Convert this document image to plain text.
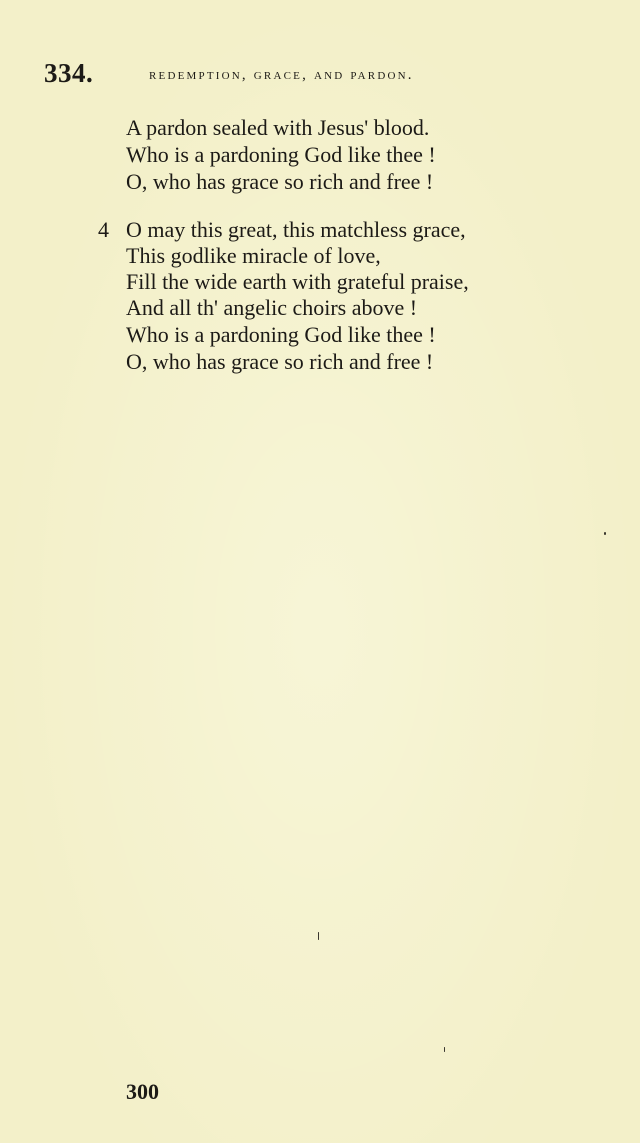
334.	redemption, grace, and pardon.
A pardon sealed with Jesus' blood.
Who is a pardoning God like thee !
O, who has grace so rich and free !
4 O may this great, this matchless grace,
This godlike miracle of love,
Fill the wide earth with grateful praise,
And all th' angelic choirs above !
Who is a pardoning God like thee !
O, who has grace so rich and free !
300
